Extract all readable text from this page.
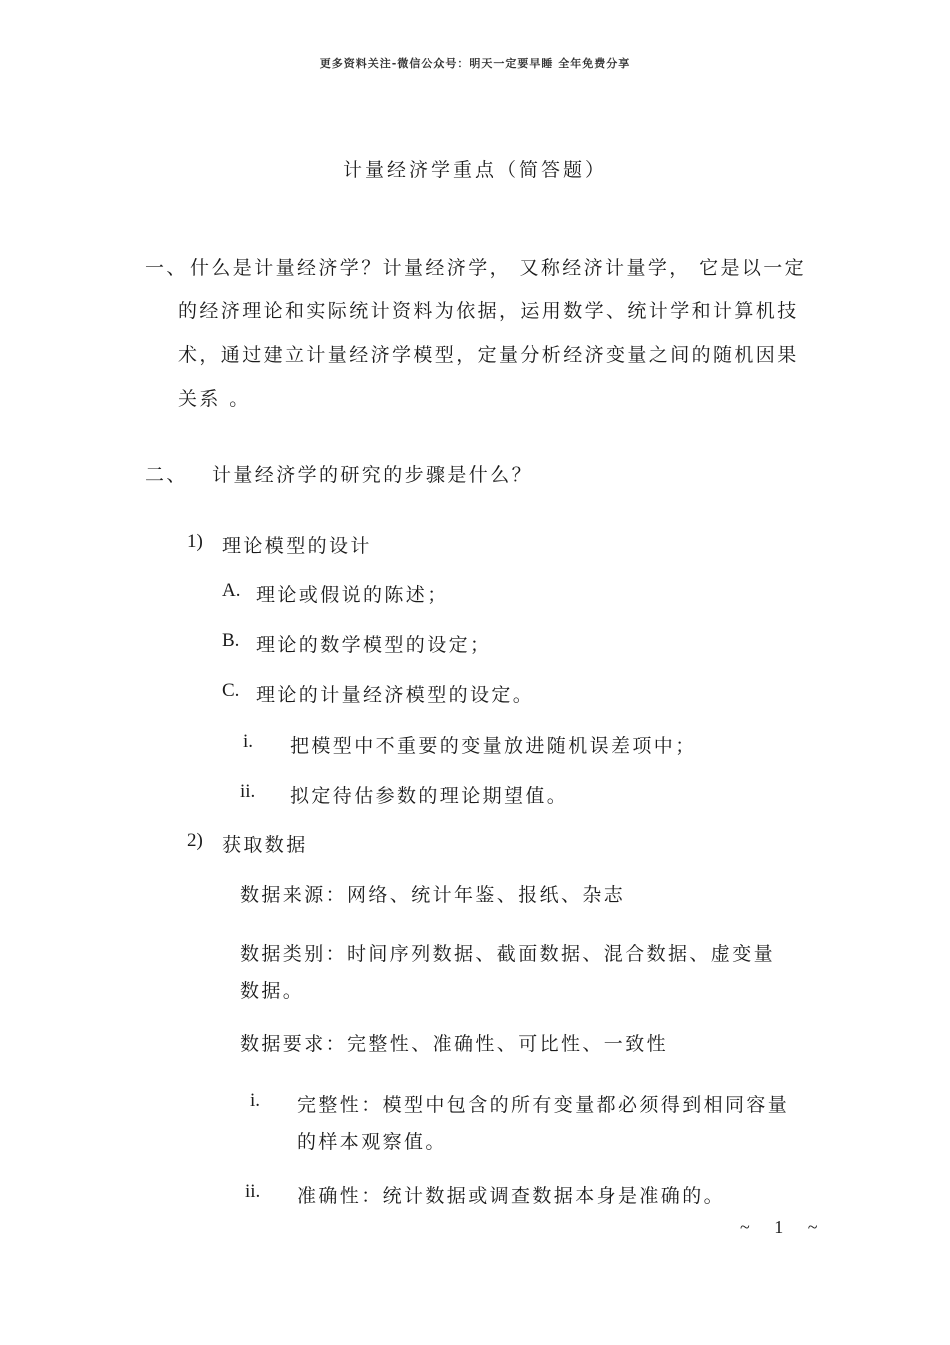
更多资料关注-微信公众号：明天一定要早睡 全年免费分享
计量经济学重点（简答题）
一、 什么是计量经济学？计量经济学， 又称经济计量学， 它是以一定
的经济理论和实际统计资料为依据，运用数学、统计学和计算机技
术，通过建立计量经济学模型，定量分析经济变量之间的随机因果
关系 。
二、 计量经济学的研究的步骤是什么？
1) 理论模型的设计
A. 理论或假说的陈述；
B. 理论的数学模型的设定；
C. 理论的计量经济模型的设定。
i. 把模型中不重要的变量放进随机误差项中；
ii. 拟定待估参数的理论期望值。
2) 获取数据
数据来源：网络、统计年鉴、报纸、杂志
数据类别：时间序列数据、截面数据、混合数据、虚变量
数据。
数据要求：完整性、准确性、可比性、一致性
i. 完整性：模型中包含的所有变量都必须得到相同容量
的样本观察值。
ii. 准确性：统计数据或调查数据本身是准确的。
~ 1 ~
